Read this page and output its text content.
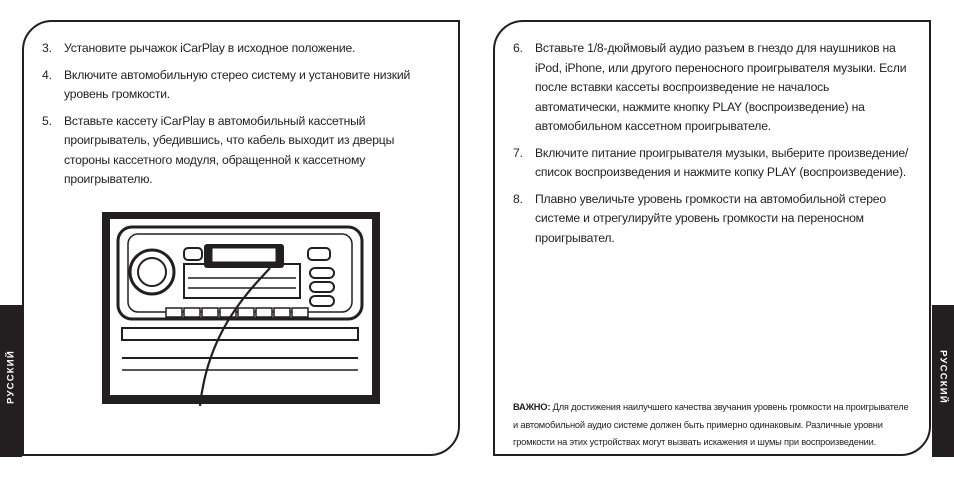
РУССКИЙ
3. Установите рычажок iCarPlay в исходное положение.
4. Включите автомобильную стерео систему и установите низкий уровень громкости.
5. Вставьте кассету iCarPlay в автомобильный кассетный проигрыватель, убедившись, что кабель выходит из дверцы стороны кассетного модуля, обращенной к кассетному проигрывателю.
6. Вставьте 1/8-дюймовый аудио разъем в гнездо для наушников на iPod, iPhone, или другого переносного проигрывателя музыки. Если после вставки кассеты воспроизведение не началось автоматически, нажмите кнопку PLAY (воспроизведение) на автомобильном кассетном проигрывателе.
7. Включите питание проигрывателя музыки, выберите произведение/список воспроизведения и нажмите копку PLAY (воспроизведение).
8. Плавно увеличьте уровень громкости на автомобильной стерео системе и отрегулируйте уровень громкости на переносном проигрывател.

ВАЖНО: Для достижения наилучшего качества звучания уровень громкости на проигрывателе и автомобильной аудио системе должен быть примерно одинаковым. Различные уровни громкости на этих устройствах могут вызвать искажения и шумы при воспроизведении.

РУССКИЙ
